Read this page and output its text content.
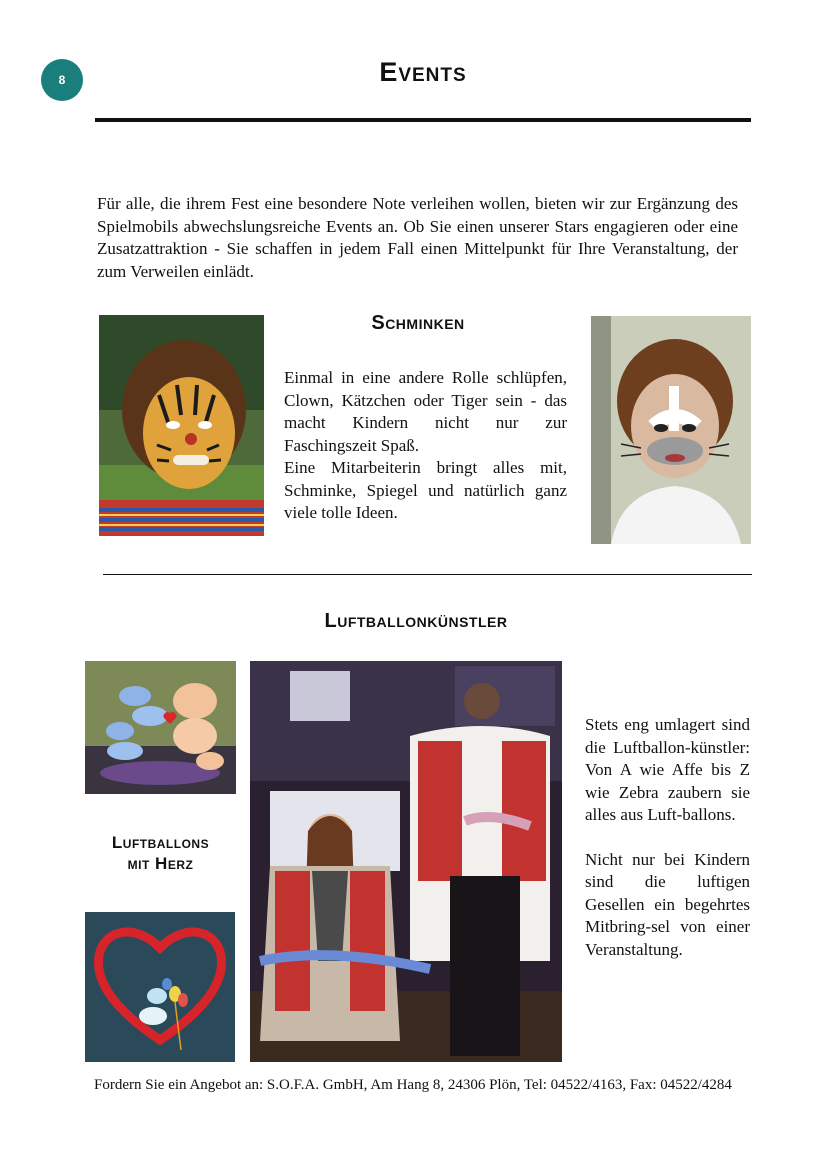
8	Events

Für alle, die ihrem Fest eine besondere Note verleihen wollen, bieten wir zur Ergänzung des Spielmobils abwechslungsreiche Events an. Ob Sie einen unserer Stars engagieren oder eine Zusatzattraktion - Sie schaffen in jedem Fall einen Mittelpunkt für Ihre Veranstaltung, der zum Verweilen einlädt.

Schminken

Einmal in eine andere Rolle schlüpfen, Clown, Kätzchen oder Tiger sein - das macht Kindern nicht nur zur Faschingszeit Spaß.

Eine Mitarbeiterin bringt alles mit, Schminke, Spiegel und natürlich ganz viele tolle Ideen.

Luftballonkünstler
Luftballons
mit Herz

Stets eng umlagert sind die Luftballon-künstler: Von A wie Affe bis Z wie Zebra zaubern sie alles aus Luft-ballons.

Nicht nur bei Kindern sind die luftigen Gesellen ein begehrtes Mitbring-sel von einer Veranstaltung.

Fordern Sie ein Angebot an: S.O.F.A. GmbH, Am Hang 8, 24306 Plön, Tel: 04522/4163, Fax: 04522/4284
